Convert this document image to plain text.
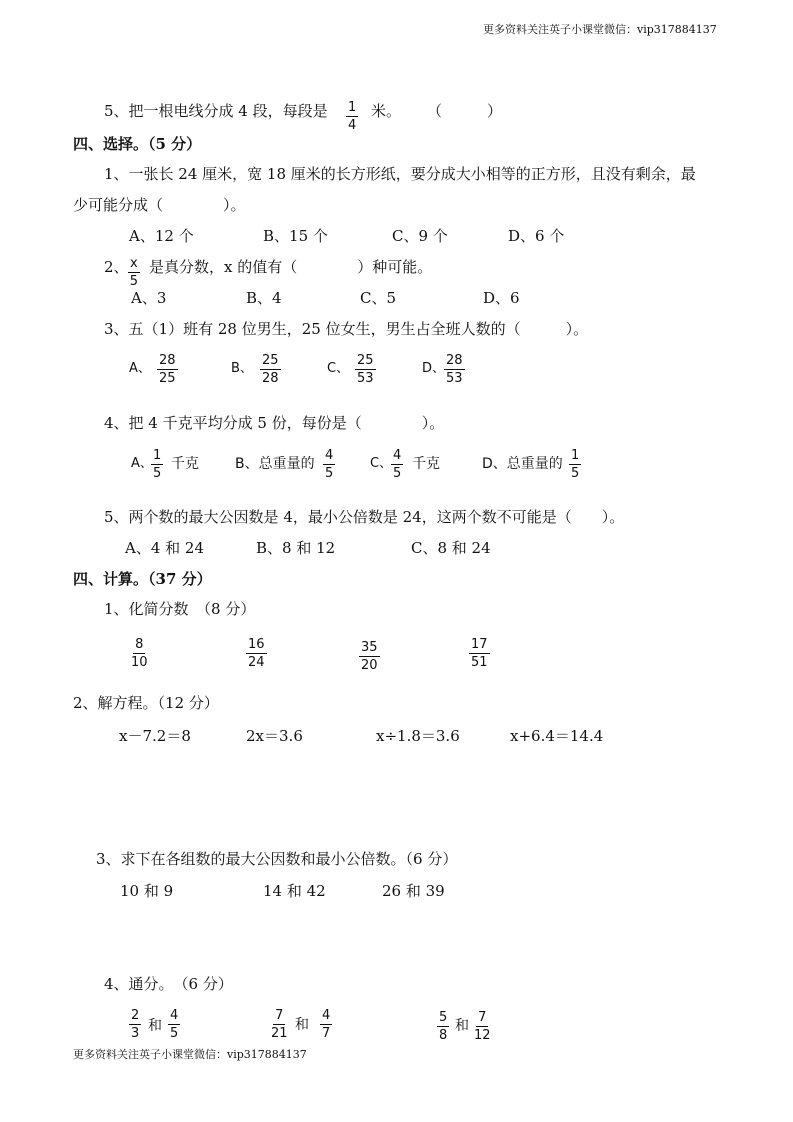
更多资料关注英子小课堂微信：vip317884137
更多资料关注英子小课堂微信：vip317884137
5、把一根电线分成 4 段，每段是 $\frac{1}{4}$ 米。 （　　　）
四、选择。（5 分）
1、一张长 24 厘米，宽 18 厘米的长方形纸，要分成大小相等的正方形，且没有剩余，最
少可能分成（　　　　）。
A、12 个	B、15 个	C、9 个	D、6 个
2、 $\frac{x}{5}$ 是真分数，x 的值有（　　　　）种可能。
A、3	B、4	C、5	D、6
3、五（1）班有 28 位男生，25 位女生，男生占全班人数的（　　　）。
A、 $\frac{28}{25}$	B、 $\frac{25}{28}$	C、 $\frac{25}{53}$	D、
$\frac{28}{53}$
4、把 4 千克平均分成 5 份，每份是（　　　　）。
A、
$\frac{1}{5}$ 千克	B、总重量的 $\frac{4}{5}$	C、
$\frac{4}{5}$ 千克	D、总重量的 $\frac{1}{5}$
5、两个数的最大公因数是 4，最小公倍数是 24，这两个数不可能是（　　）。
A、4 和 24	B、8 和 12	C、8 和 24
四、计算。（37 分）
1、化简分数　（8 分）
$\frac{8}{10}$	$\frac{16}{24}$	$\frac{35}{20}$	$\frac{17}{51}$
2、解方程。（12 分）
x－7.2＝8	2x＝3.6	x÷1.8＝3.6	x+6.4＝14.4
3、求下在各组数的最大公因数和最小公倍数。（6 分）
10 和 9	14 和 42	26 和 39
4、通分。　（6 分）
$\frac{2}{3}$ 和 $\frac{4}{5}$	$\frac{7}{21}$ 和 $\frac{4}{7}$	$\frac{5}{8}$ 和 $\frac{7}{12}$
